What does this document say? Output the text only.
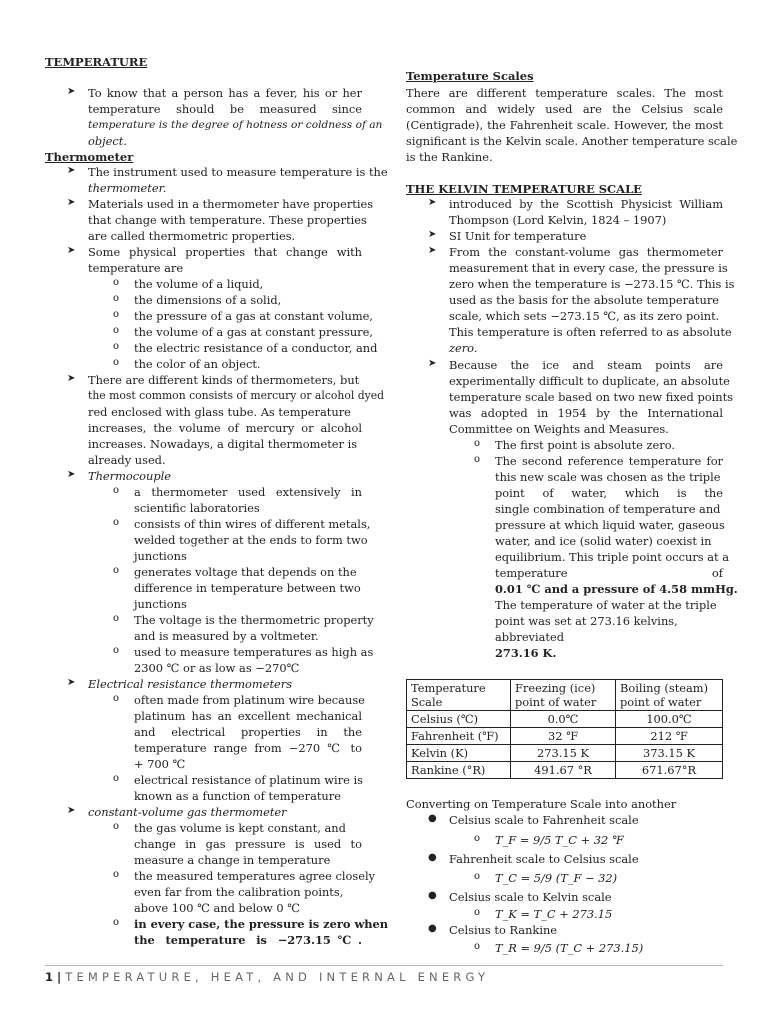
TEMPERATURE
➤ To know that a person has a fever, his or her
temperature should be measured since
temperature is the degree of hotness or coldness of an
object.
Thermometer
➤ The instrument used to measure temperature is the
thermometer.
➤ Materials used in a thermometer have properties
that change with temperature. These properties
are called thermometric properties.
➤ Some physical properties that change with
temperature are
o the volume of a liquid,
o the dimensions of a solid,
o the pressure of a gas at constant volume,
o the volume of a gas at constant pressure,
o the electric resistance of a conductor, and
o the color of an object.
➤ There are different kinds of thermometers, but
the most common consists of mercury or alcohol dyed
red enclosed with glass tube. As temperature
increases, the volume of mercury or alcohol
increases. Nowadays, a digital thermometer is
already used.
➤ Thermocouple
o a thermometer used extensively in
scientific laboratories
o consists of thin wires of different metals,
welded together at the ends to form two
junctions
o generates voltage that depends on the
difference in temperature between two
junctions
o The voltage is the thermometric property
and is measured by a voltmeter.
o used to measure temperatures as high as
2300 ℃ or as low as −270℃
➤ Electrical resistance thermometers
o often made from platinum wire because
platinum has an excellent mechanical
and electrical properties in the
temperature range from −270 ℃ to
+ 700 ℃
o electrical resistance of platinum wire is
known as a function of temperature
➤ constant-volume gas thermometer
o the gas volume is kept constant, and
change in gas pressure is used to
measure a change in temperature
o the measured temperatures agree closely
even far from the calibration points,
above 100 ℃ and below 0 ℃
o in every case, the pressure is zero when
the temperature is −273.15℃.
Temperature Scales
There are different temperature scales. The most
common and widely used are the Celsius scale
(Centigrade), the Fahrenheit scale. However, the most
significant is the Kelvin scale. Another temperature scale
is the Rankine.
THE KELVIN TEMPERATURE SCALE
➤ introduced by the Scottish Physicist William
Thompson (Lord Kelvin, 1824 – 1907)
➤ SI Unit for temperature
➤ From the constant-volume gas thermometer
measurement that in every case, the pressure is
zero when the temperature is −273.15 ℃. This is
used as the basis for the absolute temperature
scale, which sets −273.15 ℃, as its zero point.
This temperature is often referred to as absolute
zero.
➤ Because the ice and steam points are
experimentally difficult to duplicate, an absolute
temperature scale based on two new fixed points
was adopted in 1954 by the International
Committee on Weights and Measures.
o The first point is absolute zero.
o The second reference temperature for
this new scale was chosen as the triple
point of water, which is the
single combination of temperature and
pressure at which liquid water, gaseous
water, and ice (solid water) coexist in
equilibrium. This triple point occurs at a
temperature of
0.01 ℃ and a pressure of 4.58 mmHg.
The temperature of water at the triple
point was set at 273.16 kelvins,
abbreviated
273.16 K.
Temperature Scale	Freezing (ice) point of water	Boiling (steam) point of water
Celsius (℃)	0.0℃	100.0℃
Fahrenheit (℉)	32 ℉	212 ℉
Kelvin (K)	273.15 K	373.15 K
Rankine (°R)	491.67 °R	671.67°R
Converting on Temperature Scale into another
● Celsius scale to Fahrenheit scale
o T_F = 9/5 T_C + 32 ℉
● Fahrenheit scale to Celsius scale
o T_C = 5/9 (T_F − 32)
● Celsius scale to Kelvin scale
o T_K = T_C + 273.15
● Celsius to Rankine
o T_R = 9/5 (T_C + 273.15)
1 | TEMPERATURE, HEAT, AND INTERNAL ENERGY
